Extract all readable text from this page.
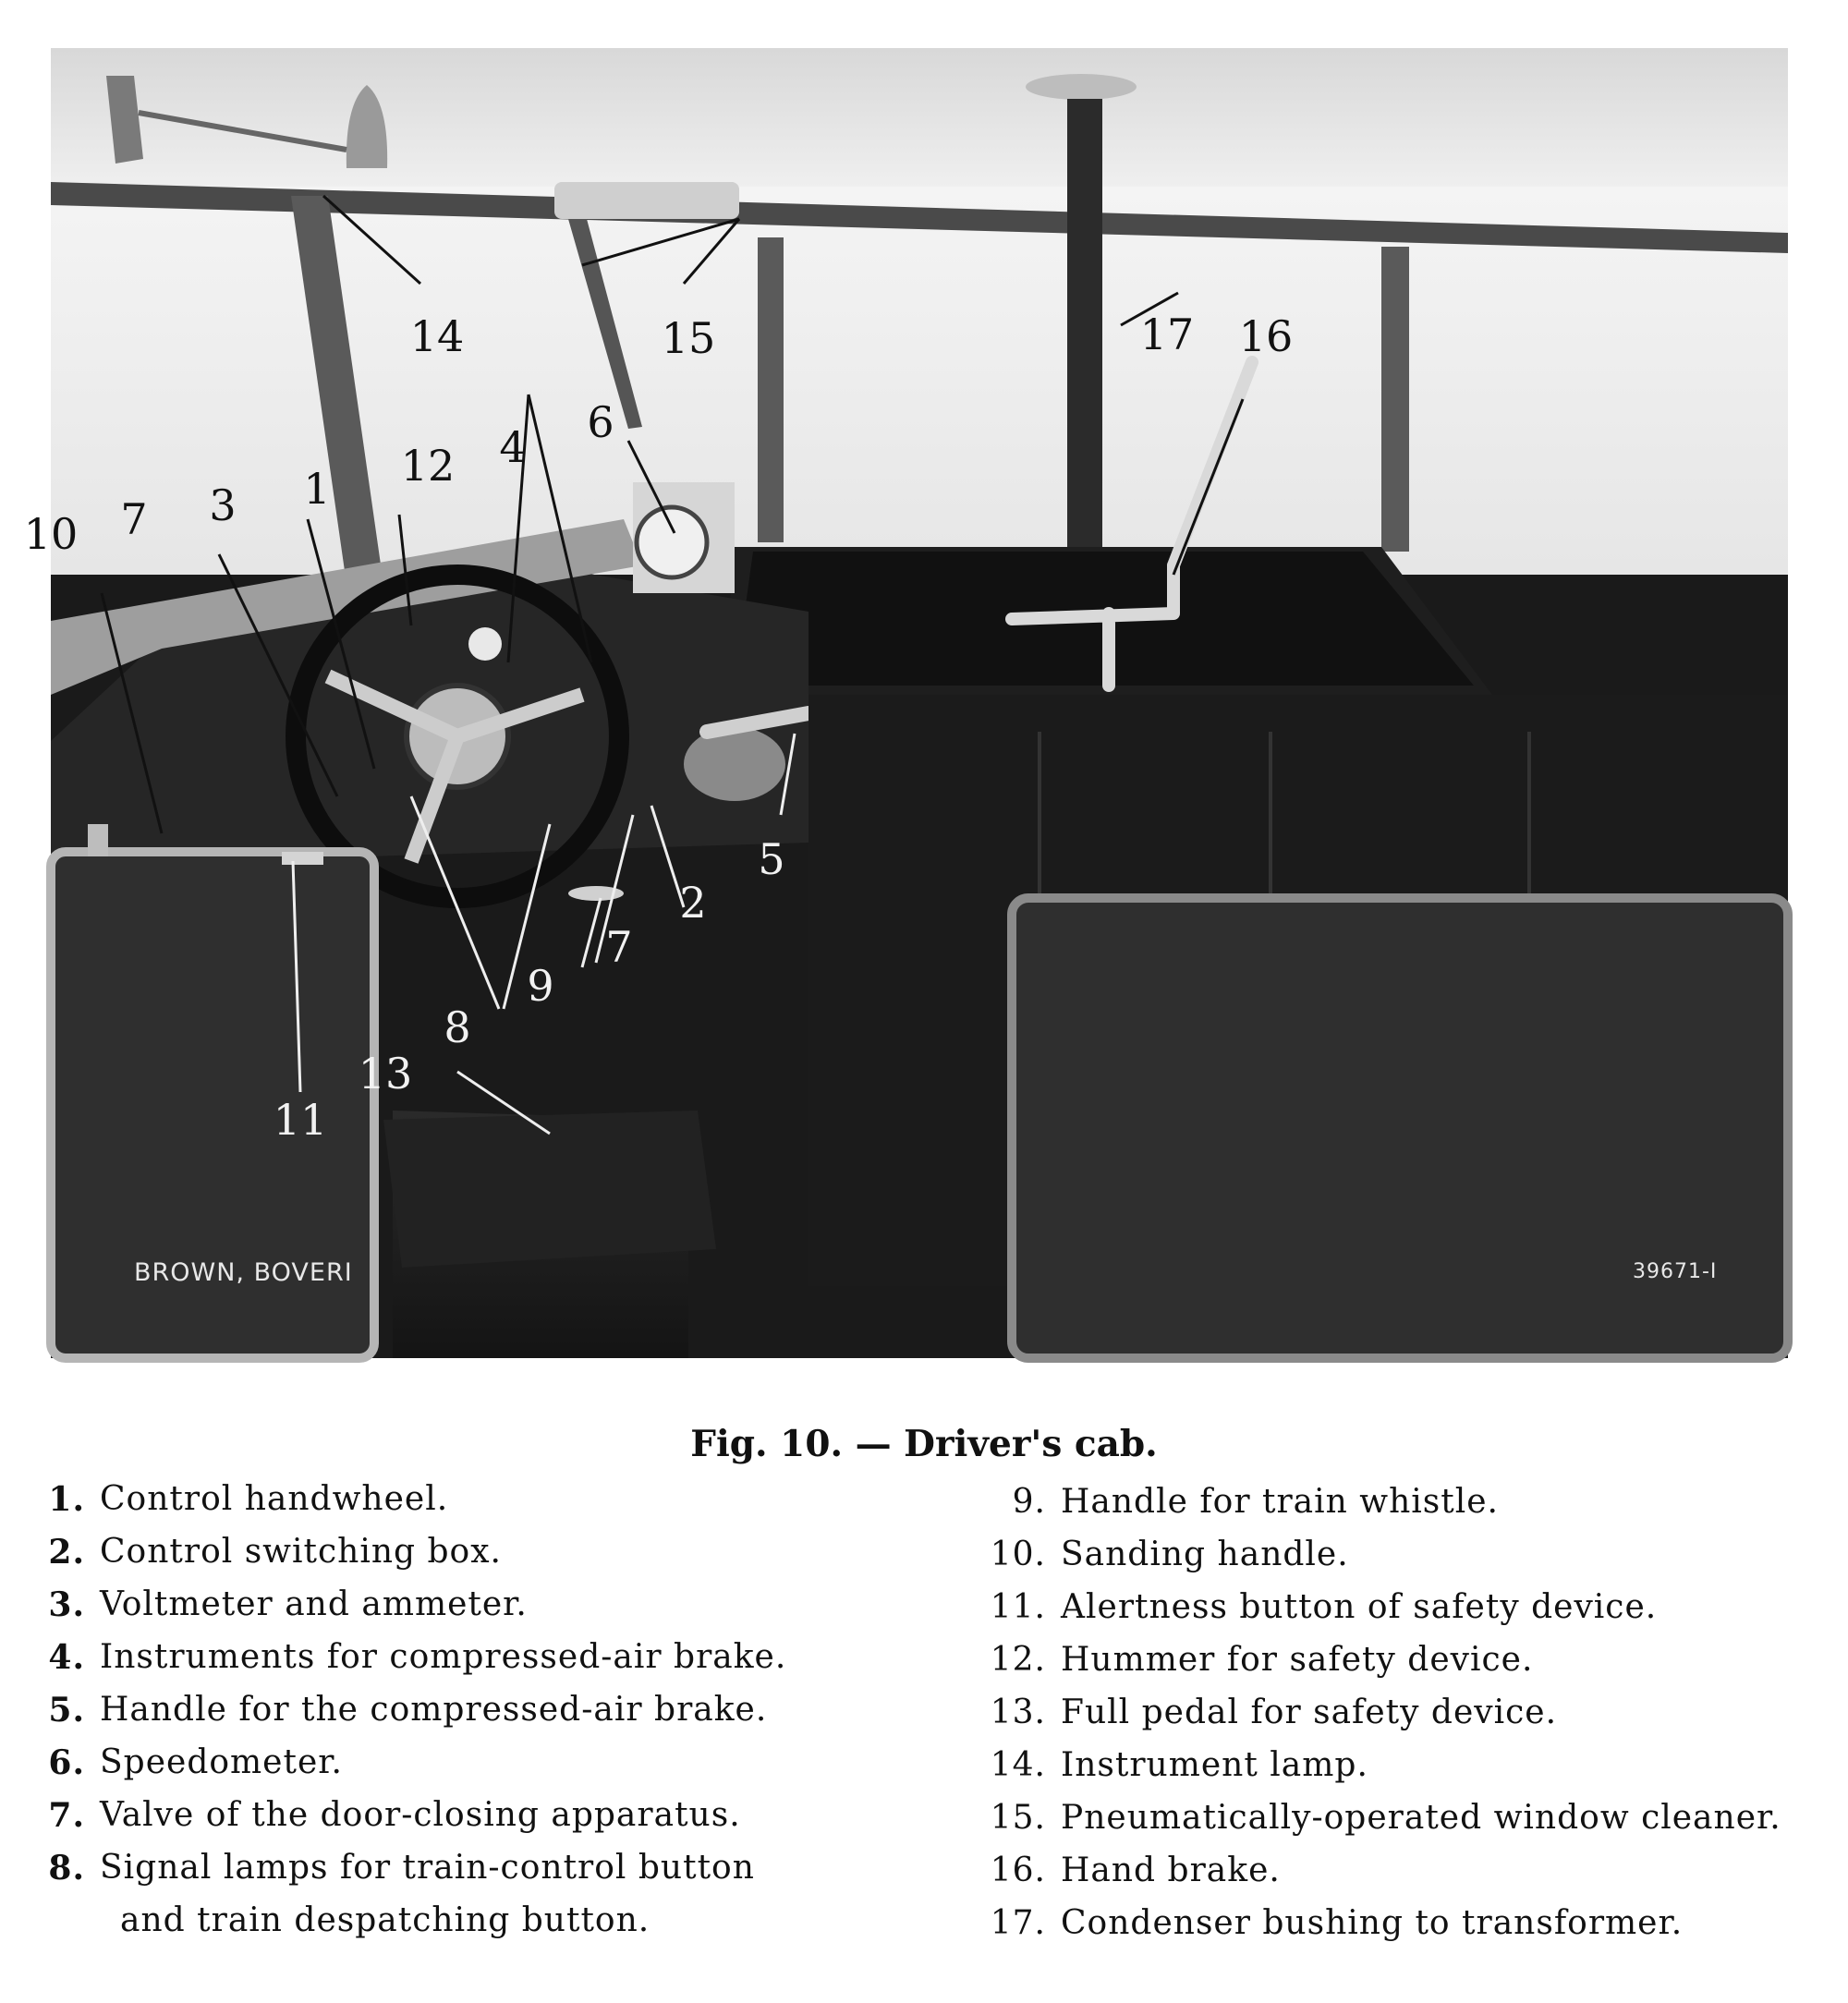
1
2
3
4
5
6
7
7
8
9
10
11
12
13
14	15	16
17
BROWN, BOVERI	39671-I
Fig. 10. — Driver's cab.
1. Control handwheel.
2. Control switching box.
3. Voltmeter and ammeter.
4. Instruments for compressed-air brake.
5. Handle for the compressed-air brake.
6. Speedometer.
7. Valve of the door-closing apparatus.
8. Signal lamps for train-control button
and train despatching button.
9. Handle for train whistle.
10. Sanding handle.
11. Alertness button of safety device.
12. Hummer for safety device.
13. Full pedal for safety device.
14. Instrument lamp.
15. Pneumatically-operated window cleaner.
16. Hand brake.
17. Condenser bushing to transformer.
